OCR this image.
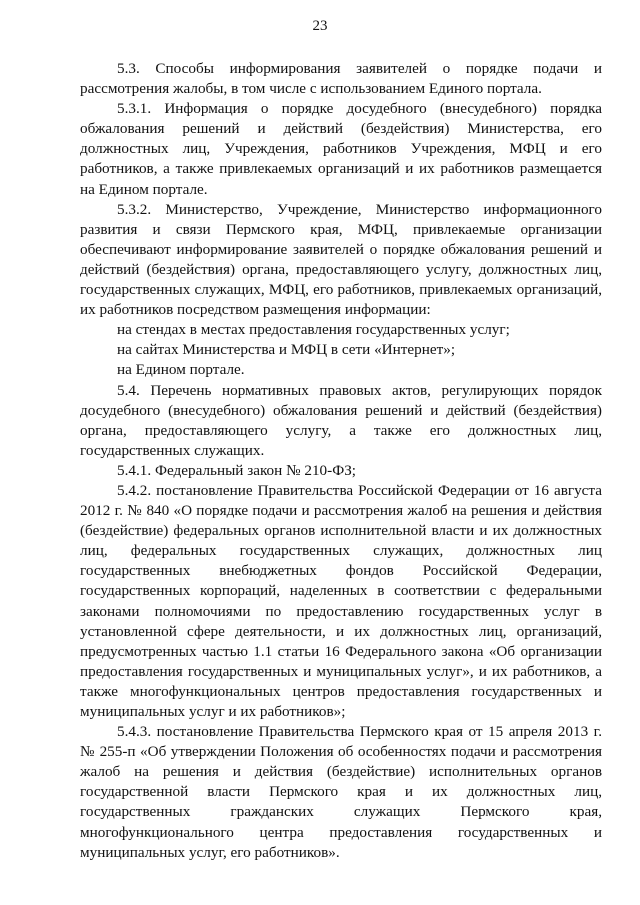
23

5.3. Способы информирования заявителей о порядке подачи и рассмотрения жалобы, в том числе с использованием Единого портала.

5.3.1. Информация о порядке досудебного (внесудебного) порядка обжалования решений и действий (бездействия) Министерства, его должностных лиц, Учреждения, работников Учреждения, МФЦ и его работников, а также привлекаемых организаций и их работников размещается на Едином портале.

5.3.2. Министерство, Учреждение, Министерство информационного развития и связи Пермского края, МФЦ, привлекаемые организации обеспечивают информирование заявителей о порядке обжалования решений и действий (бездействия) органа, предоставляющего услугу, должностных лиц, государственных служащих, МФЦ, его работников, привлекаемых организаций, их работников посредством размещения информации:

на стендах в местах предоставления государственных услуг;

на сайтах Министерства и МФЦ в сети «Интернет»;

на Едином портале.

5.4. Перечень нормативных правовых актов, регулирующих порядок досудебного (внесудебного) обжалования решений и действий (бездействия) органа, предоставляющего услугу, а также его должностных лиц, государственных служащих.

5.4.1. Федеральный закон № 210-ФЗ;

5.4.2. постановление Правительства Российской Федерации от 16 августа 2012 г. № 840 «О порядке подачи и рассмотрения жалоб на решения и действия (бездействие) федеральных органов исполнительной власти и их должностных лиц, федеральных государственных служащих, должностных лиц государственных внебюджетных фондов Российской Федерации, государственных корпораций, наделенных в соответствии с федеральными законами полномочиями по предоставлению государственных услуг в установленной сфере деятельности, и их должностных лиц, организаций, предусмотренных частью 1.1 статьи 16 Федерального закона «Об организации предоставления государственных и муниципальных услуг», и их работников, а также многофункциональных центров предоставления государственных и муниципальных услуг и их работников»;

5.4.3. постановление Правительства Пермского края от 15 апреля 2013 г. № 255-п «Об утверждении Положения об особенностях подачи и рассмотрения жалоб на решения и действия (бездействие) исполнительных органов государственной власти Пермского края и их должностных лиц, государственных гражданских служащих Пермского края, многофункционального центра предоставления государственных и муниципальных услуг, его работников».
